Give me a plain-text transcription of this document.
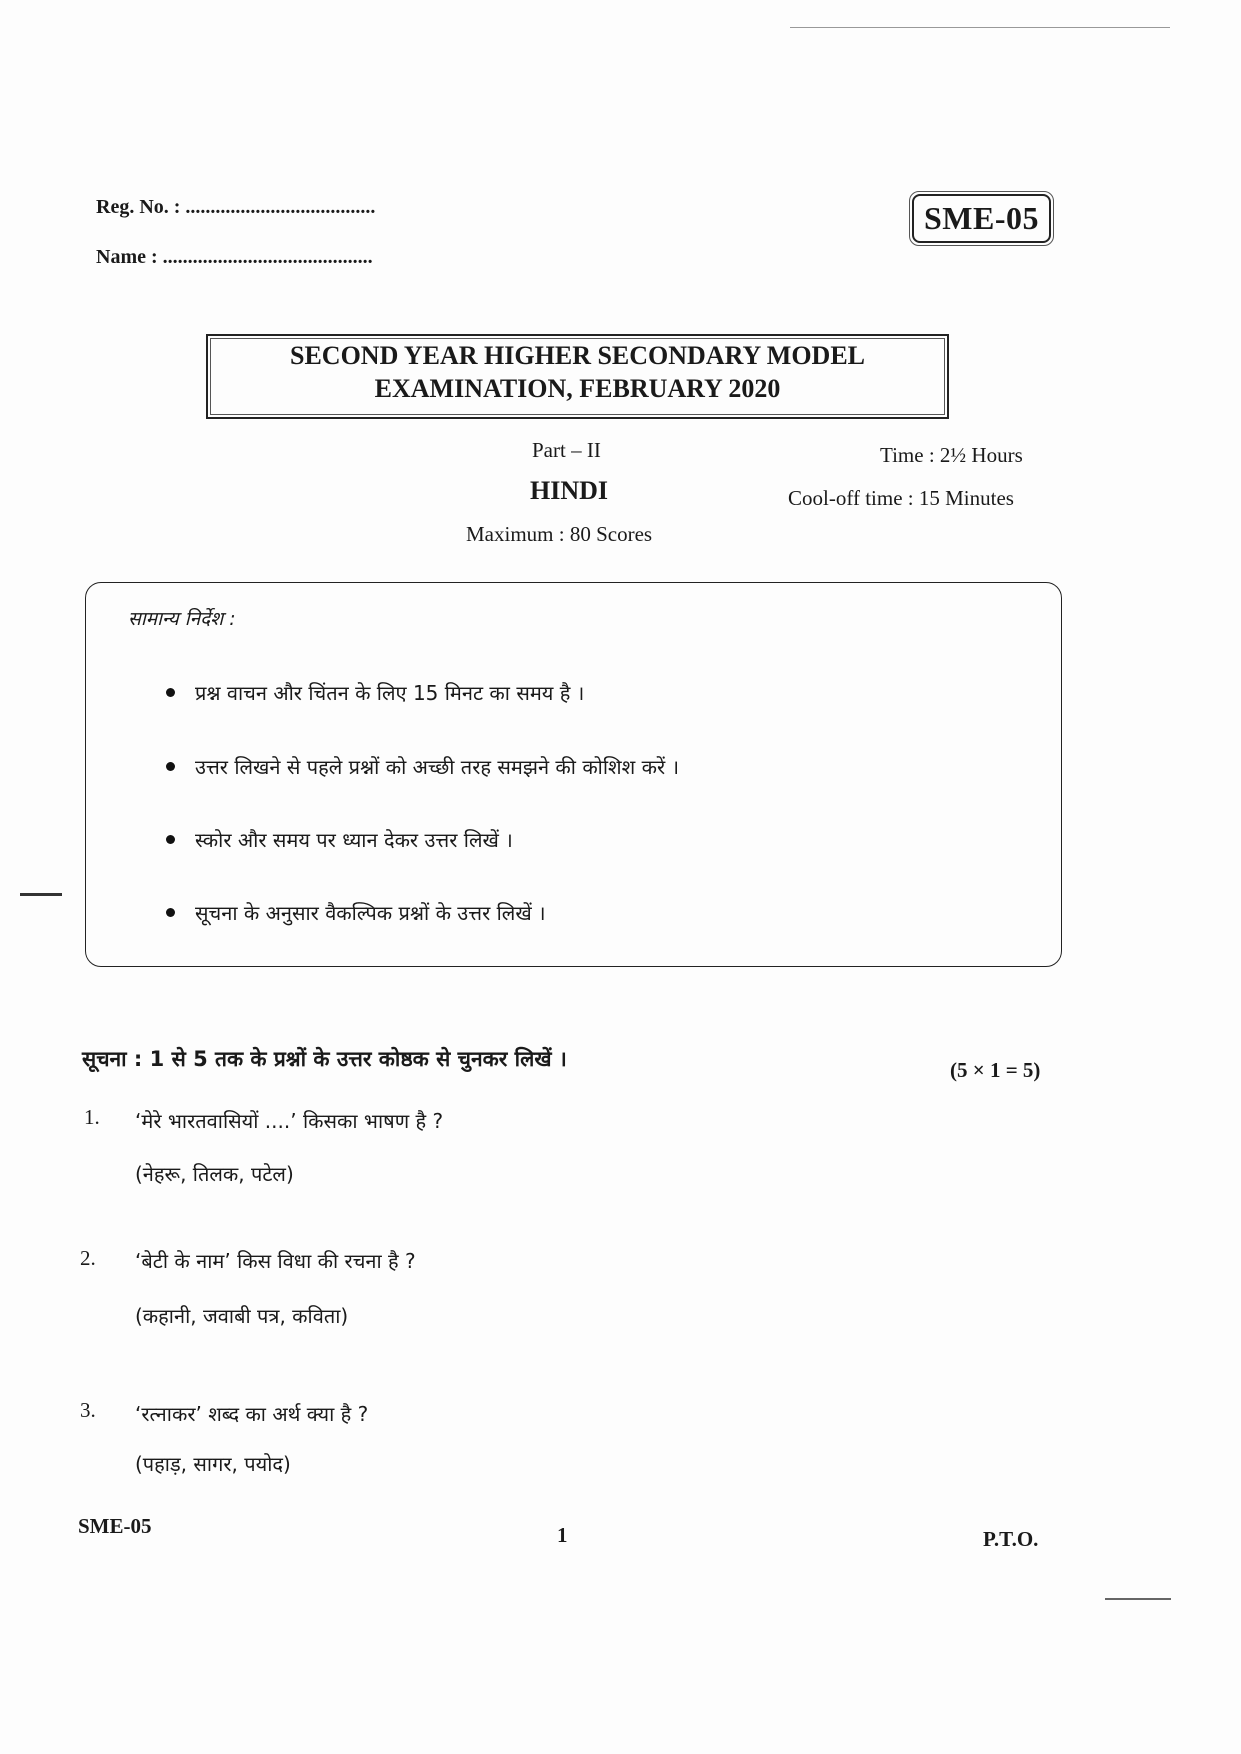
Reg. No. : ......................................
Name : ..........................................
SME-05
SECOND YEAR HIGHER SECONDARY MODEL
EXAMINATION, FEBRUARY 2020
Part – II
HINDI
Maximum : 80 Scores
Time : 2½ Hours
Cool-off time : 15 Minutes
सामान्य निर्देश :
प्रश्न वाचन और चिंतन के लिए 15 मिनट का समय है ।
उत्तर लिखने से पहले प्रश्नों को अच्छी तरह समझने की कोशिश करें ।
स्कोर और समय पर ध्यान देकर उत्तर लिखें ।
सूचना के अनुसार वैकल्पिक प्रश्नों के उत्तर लिखें ।
सूचना : 1 से 5 तक के प्रश्नों के उत्तर कोष्ठक से चुनकर लिखें ।	(5 × 1 = 5)
1. ‘मेरे भारतवासियों ....’ किसका भाषण है ?
(नेहरू, तिलक, पटेल)
2. ‘बेटी के नाम’ किस विधा की रचना है ?
(कहानी, जवाबी पत्र, कविता)
3. ‘रत्नाकर’ शब्द का अर्थ क्या है ?
(पहाड़, सागर, पयोद)
SME-05	1	P.T.O.
